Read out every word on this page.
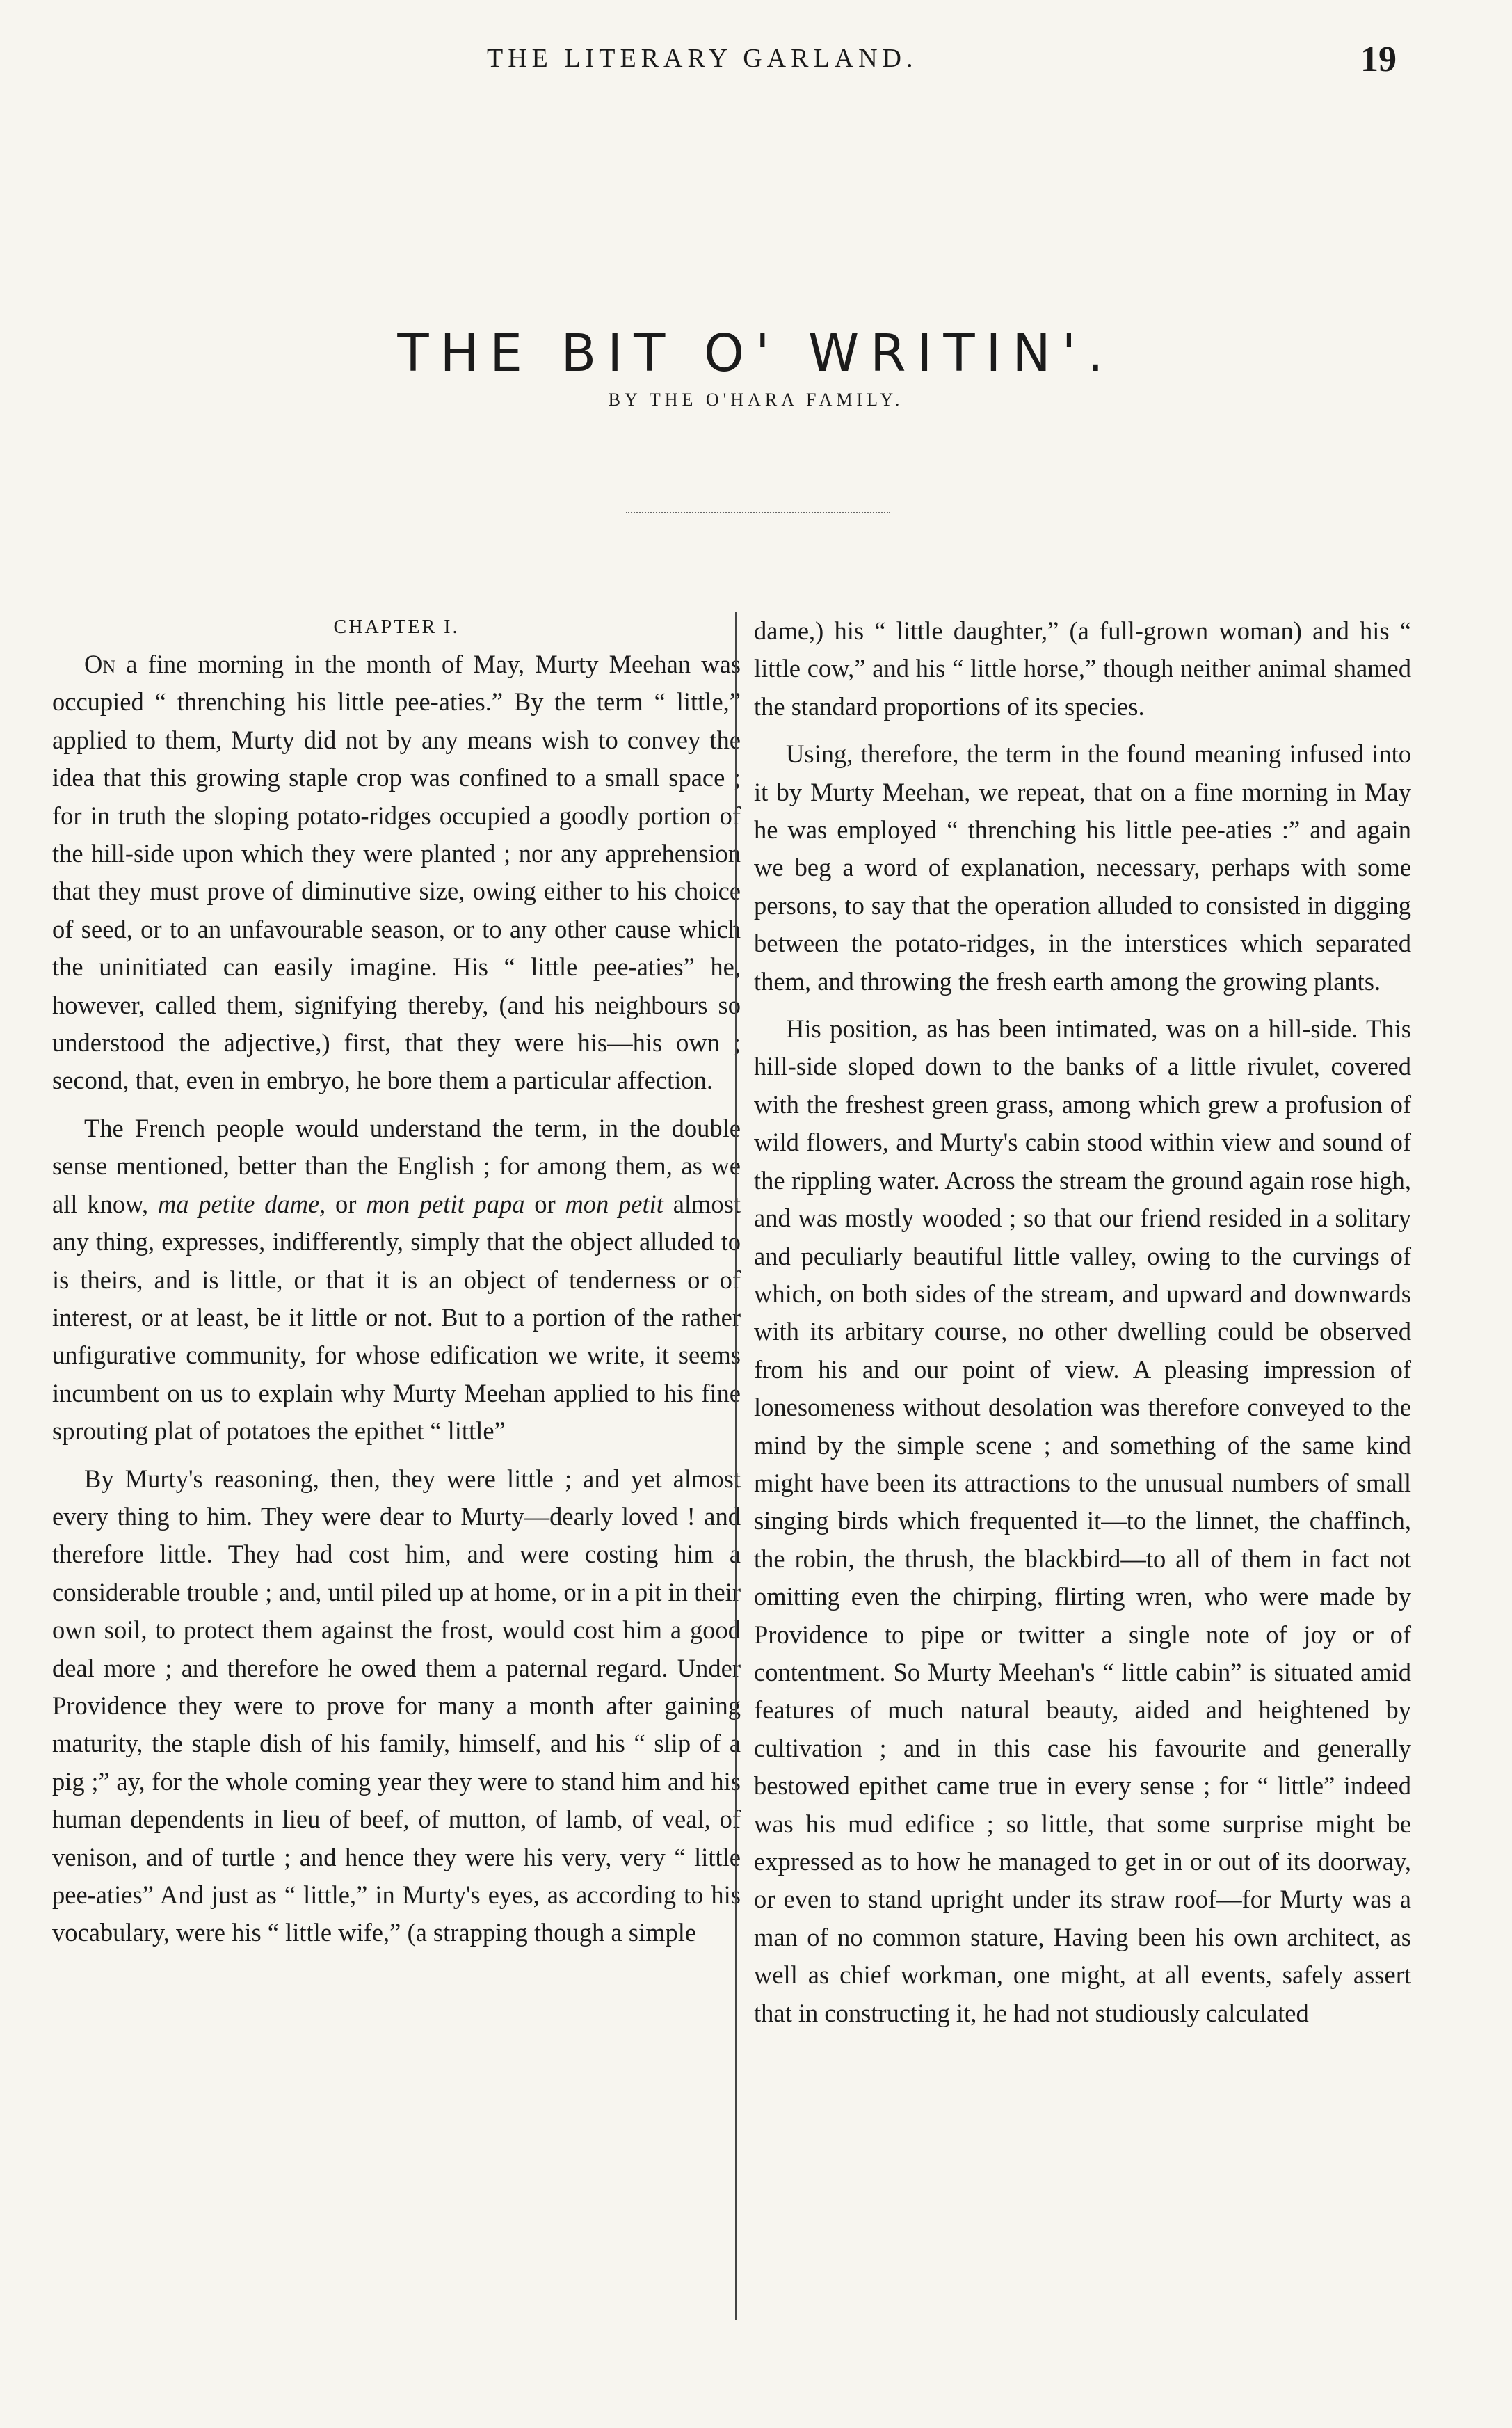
THE LITERARY GARLAND.	19
THE BIT O' WRITIN'.
BY THE O'HARA FAMILY.
CHAPTER I.

On a fine morning in the month of May, Murty Meehan was occupied “ threnching his little pee-aties.” By the term “ little,” applied to them, Murty did not by any means wish to convey the idea that this growing staple crop was confined to a small space ; for in truth the sloping potato-ridges occupied a goodly portion of the hill-side upon which they were planted ; nor any apprehension that they must prove of diminutive size, owing either to his choice of seed, or to an unfavourable season, or to any other cause which the uninitiated can easily imagine. His “ little pee-aties” he, however, called them, signifying thereby, (and his neighbours so understood the adjective,) first, that they were his—his own ; second, that, even in embryo, he bore them a particular affection.

The French people would understand the term, in the double sense mentioned, better than the English ; for among them, as we all know, ma petite dame, or mon petit papa or mon petit almost any thing, expresses, indifferently, simply that the object alluded to is theirs, and is little, or that it is an object of tenderness or of interest, or at least, be it little or not. But to a portion of the rather unfigurative community, for whose edification we write, it seems incumbent on us to explain why Murty Meehan applied to his fine sprouting plat of potatoes the epithet “ little”

By Murty's reasoning, then, they were little ; and yet almost every thing to him. They were dear to Murty—dearly loved ! and therefore little. They had cost him, and were costing him a considerable trouble ; and, until piled up at home, or in a pit in their own soil, to protect them against the frost, would cost him a good deal more ; and therefore he owed them a paternal regard. Under Providence they were to prove for many a month after gaining maturity, the staple dish of his family, himself, and his “ slip of a pig ;” ay, for the whole coming year they were to stand him and his human dependents in lieu of beef, of mutton, of lamb, of veal, of venison, and of turtle ; and hence they were his very, very “ little pee-aties” And just as “ little,” in Murty's eyes, as according to his vocabulary, were his “ little wife,” (a strapping though a simple

dame,) his “ little daughter,” (a full-grown woman) and his “ little cow,” and his “ little horse,” though neither animal shamed the standard proportions of its species.

Using, therefore, the term in the found meaning infused into it by Murty Meehan, we repeat, that on a fine morning in May he was employed “ threnching his little pee-aties :” and again we beg a word of explanation, necessary, perhaps with some persons, to say that the operation alluded to consisted in digging between the potato-ridges, in the interstices which separated them, and throwing the fresh earth among the growing plants.

His position, as has been intimated, was on a hill-side. This hill-side sloped down to the banks of a little rivulet, covered with the freshest green grass, among which grew a profusion of wild flowers, and Murty's cabin stood within view and sound of the rippling water. Across the stream the ground again rose high, and was mostly wooded ; so that our friend resided in a solitary and peculiarly beautiful little valley, owing to the curvings of which, on both sides of the stream, and upward and downwards with its arbitary course, no other dwelling could be observed from his and our point of view. A pleasing impression of lonesomeness without desolation was therefore conveyed to the mind by the simple scene ; and something of the same kind might have been its attractions to the unusual numbers of small singing birds which frequented it—to the linnet, the chaffinch, the robin, the thrush, the blackbird—to all of them in fact not omitting even the chirping, flirting wren, who were made by Providence to pipe or twitter a single note of joy or of contentment. So Murty Meehan's “ little cabin” is situated amid features of much natural beauty, aided and heightened by cultivation ; and in this case his favourite and generally bestowed epithet came true in every sense ; for “ little” indeed was his mud edifice ; so little, that some surprise might be expressed as to how he managed to get in or out of its doorway, or even to stand upright under its straw roof—for Murty was a man of no common stature, Having been his own architect, as well as chief workman, one might, at all events, safely assert that in constructing it, he had not studiously calculated
